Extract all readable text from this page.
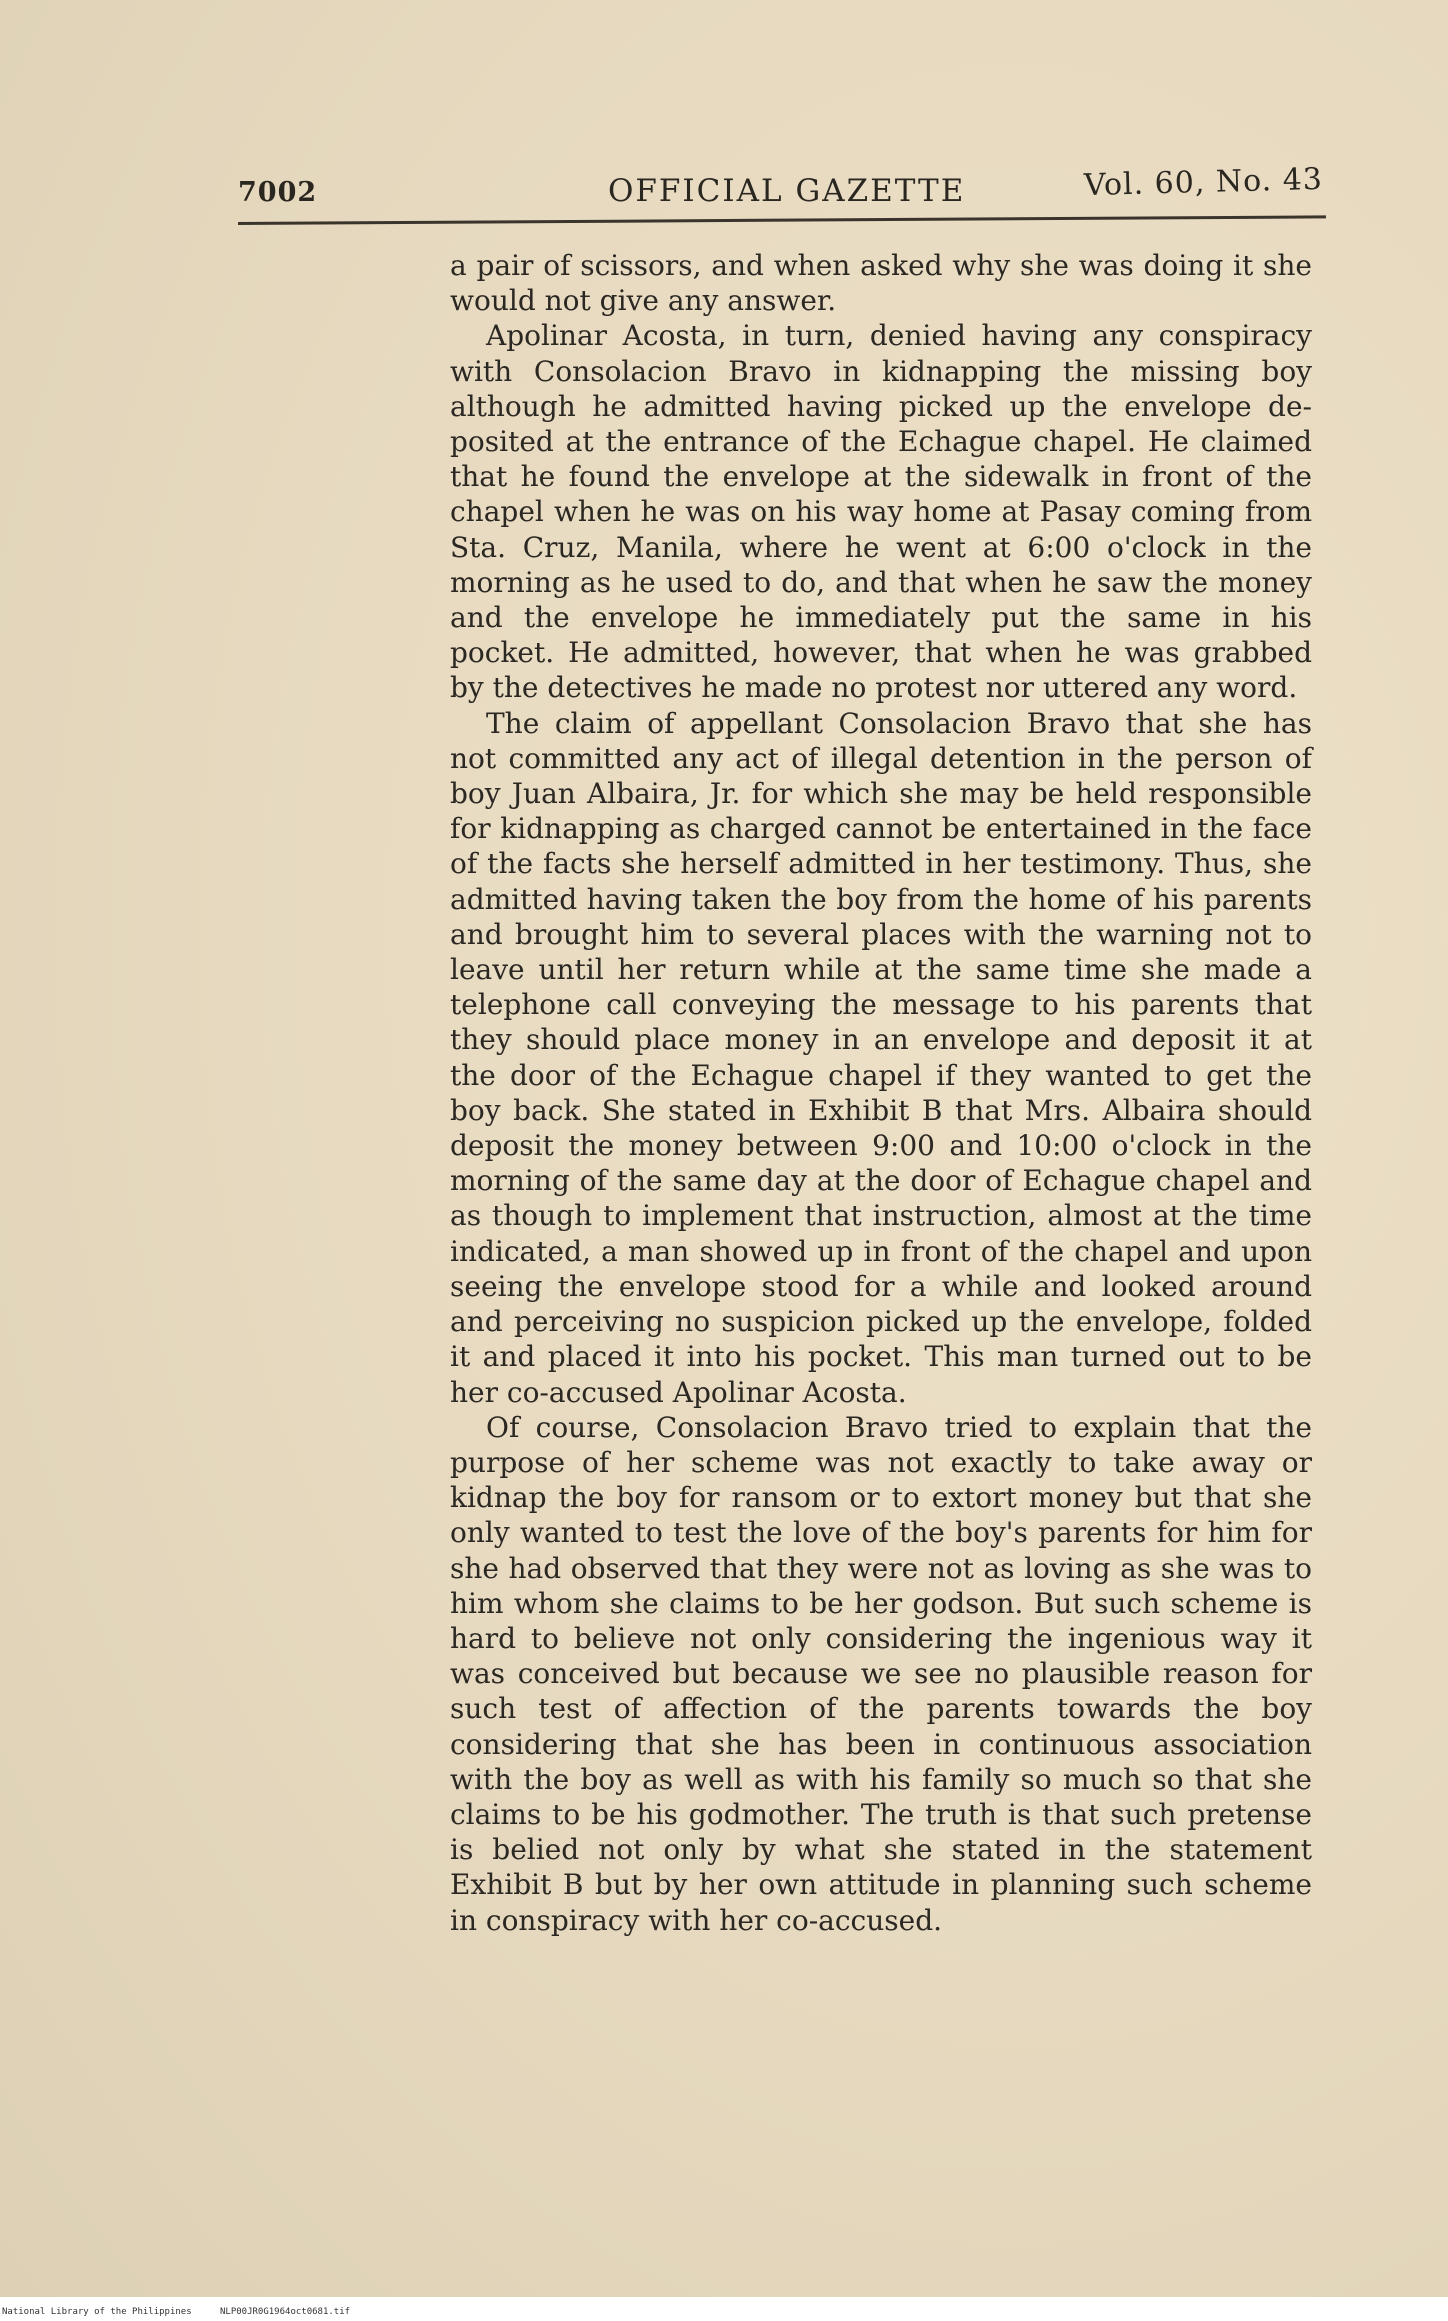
7002	OFFICIAL GAZETTE	Vol. 60, No. 43

a pair of scissors, and when asked why she was doing it she would not give any answer.

Apolinar Acosta, in turn, denied having any conspiracy with Consolacion Bravo in kidnapping the missing boy although he admitted having picked up the envelope deposited at the entrance of the Echague chapel. He claimed that he found the envelope at the sidewalk in front of the chapel when he was on his way home at Pasay coming from Sta. Cruz, Manila, where he went at 6:00 o'clock in the morning as he used to do, and that when he saw the money and the envelope he immediately put the same in his pocket. He admitted, however, that when he was grabbed by the detectives he made no protest nor uttered any word.

The claim of appellant Consolacion Bravo that she has not committed any act of illegal detention in the person of boy Juan Albaira, Jr. for which she may be held responsible for kidnapping as charged cannot be entertained in the face of the facts she herself admitted in her testimony. Thus, she admitted having taken the boy from the home of his parents and brought him to several places with the warning not to leave until her return while at the same time she made a telephone call conveying the message to his parents that they should place money in an envelope and deposit it at the door of the Echague chapel if they wanted to get the boy back. She stated in Exhibit B that Mrs. Albaira should deposit the money between 9:00 and 10:00 o'clock in the morning of the same day at the door of Echague chapel and as though to implement that instruction, almost at the time indicated, a man showed up in front of the chapel and upon seeing the envelope stood for a while and looked around and perceiving no suspicion picked up the envelope, folded it and placed it into his pocket. This man turned out to be her co-accused Apolinar Acosta.

Of course, Consolacion Bravo tried to explain that the purpose of her scheme was not exactly to take away or kidnap the boy for ransom or to extort money but that she only wanted to test the love of the boy's parents for him for she had observed that they were not as loving as she was to him whom she claims to be her godson. But such scheme is hard to believe not only considering the ingenious way it was conceived but because we see no plausible reason for such test of affection of the parents towards the boy considering that she has been in continuous association with the boy as well as with his family so much so that she claims to be his godmother. The truth is that such pretense is belied not only by what she stated in the statement Exhibit B but by her own attitude in planning such scheme in conspiracy with her co-accused.

National Library of the Philippines	NLP00JR0G1964oct0681.tif
